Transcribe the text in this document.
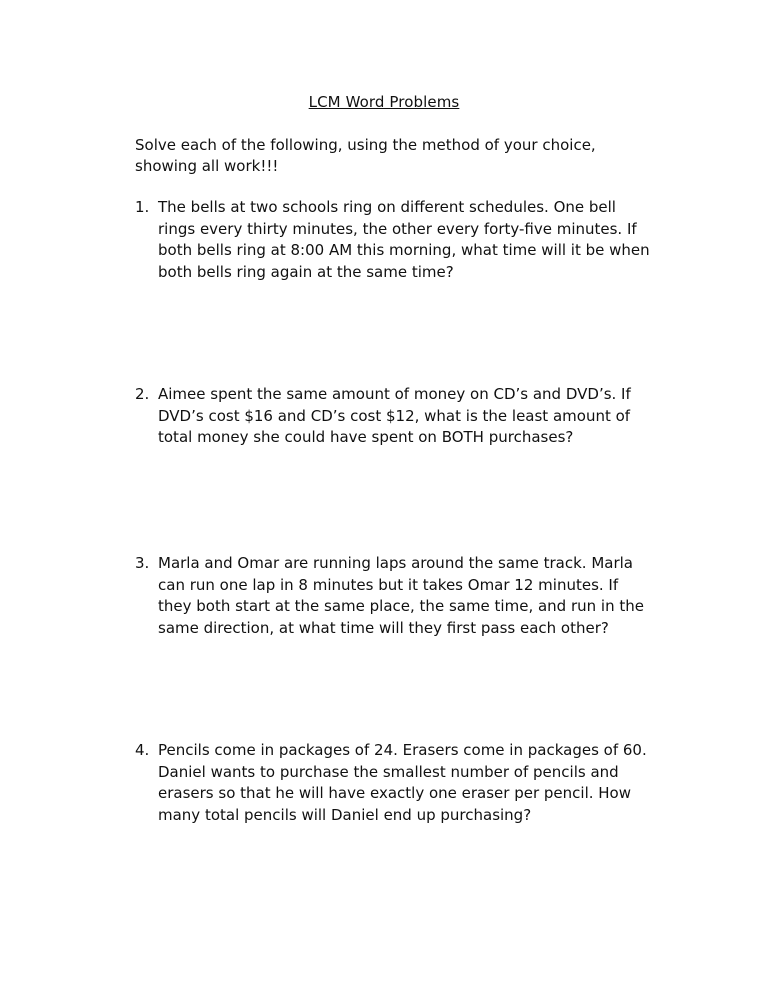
LCM Word Problems
Solve each of the following, using the method of your choice, showing all work!!!
1. The bells at two schools ring on different schedules. One bell rings every thirty minutes, the other every forty-five minutes. If both bells ring at 8:00 AM this morning, what time will it be when both bells ring again at the same time?
2. Aimee spent the same amount of money on CD’s and DVD’s. If DVD’s cost $16 and CD’s cost $12, what is the least amount of total money she could have spent on BOTH purchases?
3. Marla and Omar are running laps around the same track. Marla can run one lap in 8 minutes but it takes Omar 12 minutes. If they both start at the same place, the same time, and run in the same direction, at what time will they first pass each other?
4. Pencils come in packages of 24. Erasers come in packages of 60. Daniel wants to purchase the smallest number of pencils and erasers so that he will have exactly one eraser per pencil. How many total pencils will Daniel end up purchasing?
